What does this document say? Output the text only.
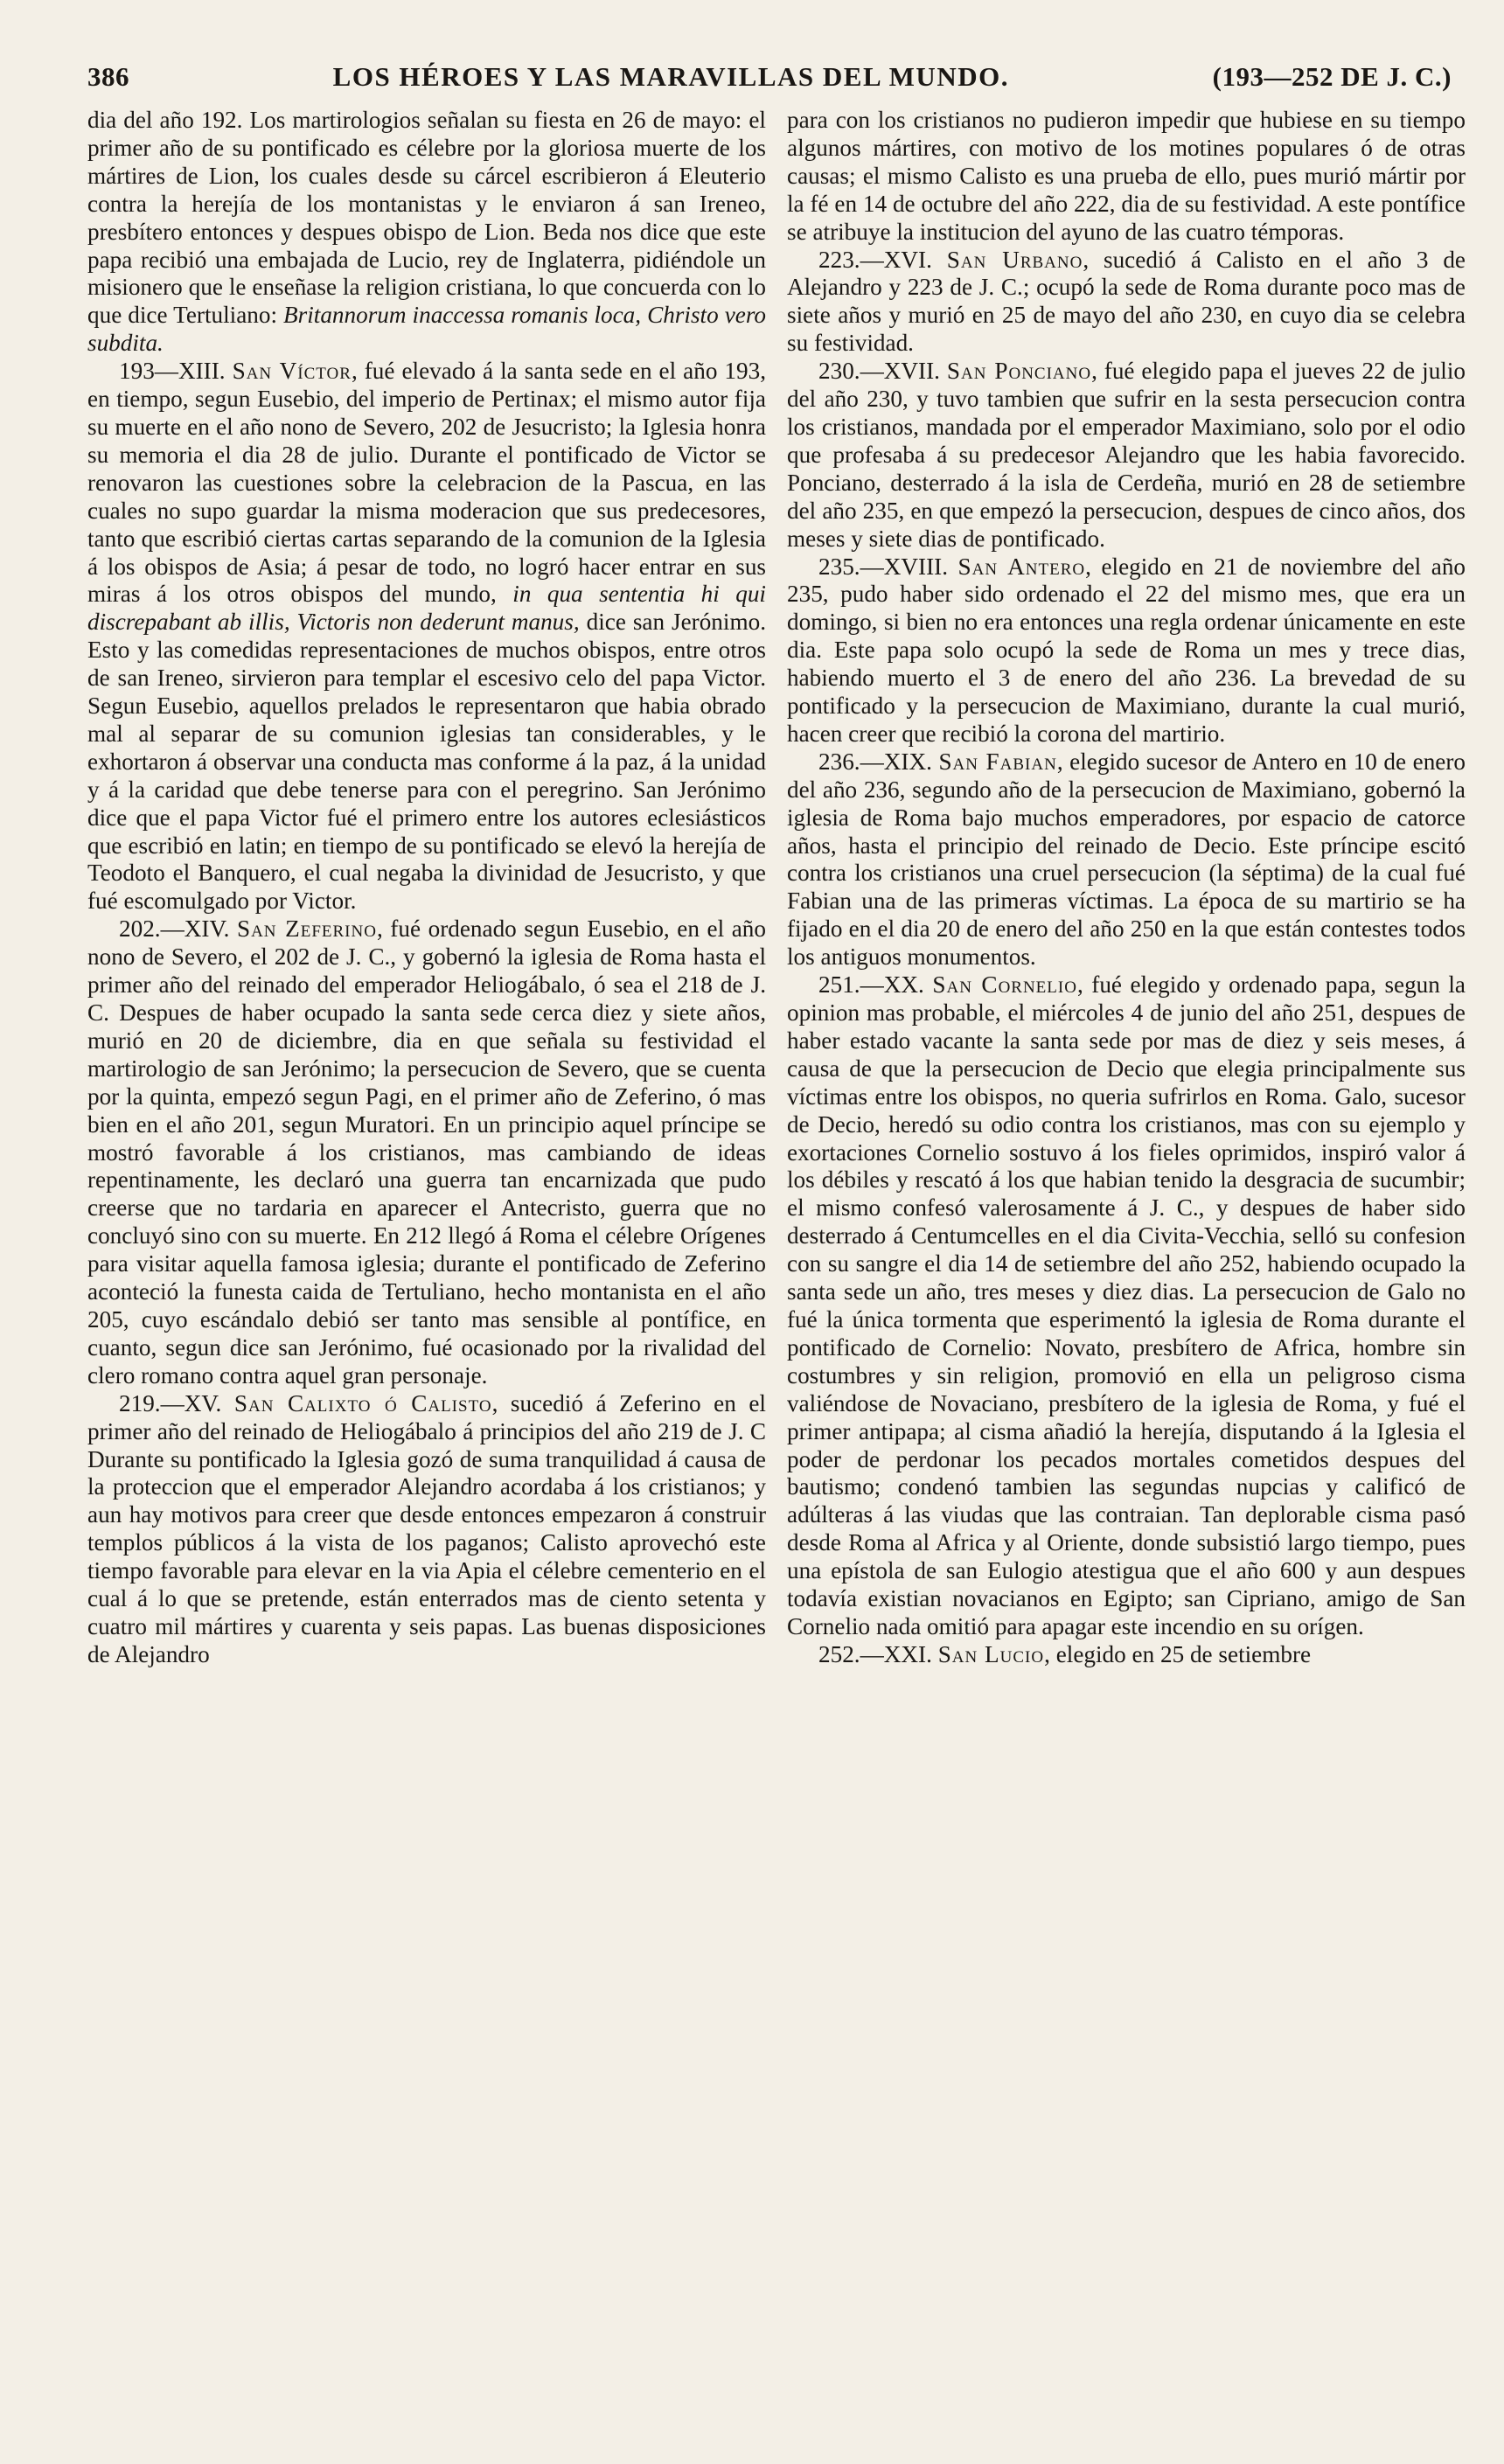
386	LOS HÉROES Y LAS MARAVILLAS DEL MUNDO.	(193—252 DE J. C.)

dia del año 192. Los martirologios señalan su fiesta en 26 de mayo: el primer año de su pontificado es célebre por la gloriosa muerte de los mártires de Lion, los cuales desde su cárcel escribieron á Eleuterio contra la herejía de los montanistas y le enviaron á san Ireneo, presbítero entonces y despues obispo de Lion. Beda nos dice que este papa recibió una embajada de Lucio, rey de Inglaterra, pidiéndole un misionero que le enseñase la religion cristiana, lo que concuerda con lo que dice Tertuliano: Britannorum inaccessa romanis loca, Christo vero subdita.

193—XIII. San Víctor, fué elevado á la santa sede en el año 193, en tiempo, segun Eusebio, del imperio de Pertinax; el mismo autor fija su muerte en el año nono de Severo, 202 de Jesucristo; la Iglesia honra su memoria el dia 28 de julio. Durante el pontificado de Victor se renovaron las cuestiones sobre la celebracion de la Pascua, en las cuales no supo guardar la misma moderacion que sus predecesores, tanto que escribió ciertas cartas separando de la comunion de la Iglesia á los obispos de Asia; á pesar de todo, no logró hacer entrar en sus miras á los otros obispos del mundo, in qua sententia hi qui discrepabant ab illis, Victoris non dederunt manus, dice san Jerónimo. Esto y las comedidas representaciones de muchos obispos, entre otros de san Ireneo, sirvieron para templar el escesivo celo del papa Victor. Segun Eusebio, aquellos prelados le representaron que habia obrado mal al separar de su comunion iglesias tan considerables, y le exhortaron á observar una conducta mas conforme á la paz, á la unidad y á la caridad que debe tenerse para con el peregrino. San Jerónimo dice que el papa Victor fué el primero entre los autores eclesiásticos que escribió en latin; en tiempo de su pontificado se elevó la herejía de Teodoto el Banquero, el cual negaba la divinidad de Jesucristo, y que fué escomulgado por Victor.

202.—XIV. San Zeferino, fué ordenado segun Eusebio, en el año nono de Severo, el 202 de J. C., y gobernó la iglesia de Roma hasta el primer año del reinado del emperador Heliogábalo, ó sea el 218 de J. C. Despues de haber ocupado la santa sede cerca diez y siete años, murió en 20 de diciembre, dia en que señala su festividad el martirologio de san Jerónimo; la persecucion de Severo, que se cuenta por la quinta, empezó segun Pagi, en el primer año de Zeferino, ó mas bien en el año 201, segun Muratori. En un principio aquel príncipe se mostró favorable á los cristianos, mas cambiando de ideas repentinamente, les declaró una guerra tan encarnizada que pudo creerse que no tardaria en aparecer el Antecristo, guerra que no concluyó sino con su muerte. En 212 llegó á Roma el célebre Orígenes para visitar aquella famosa iglesia; durante el pontificado de Zeferino aconteció la funesta caida de Tertuliano, hecho montanista en el año 205, cuyo escándalo debió ser tanto mas sensible al pontífice, en cuanto, segun dice san Jerónimo, fué ocasionado por la rivalidad del clero romano contra aquel gran personaje.

219.—XV. San Calixto ó Calisto, sucedió á Zeferino en el primer año del reinado de Heliogábalo á principios del año 219 de J. C Durante su pontificado la Iglesia gozó de suma tranquilidad á causa de la proteccion que el emperador Alejandro acordaba á los cristianos; y aun hay motivos para creer que desde entonces empezaron á construir templos públicos á la vista de los paganos; Calisto aprovechó este tiempo favorable para elevar en la via Apia el célebre cementerio en el cual á lo que se pretende, están enterrados mas de ciento setenta y cuatro mil mártires y cuarenta y seis papas. Las buenas disposiciones de Alejandro

para con los cristianos no pudieron impedir que hubiese en su tiempo algunos mártires, con motivo de los motines populares ó de otras causas; el mismo Calisto es una prueba de ello, pues murió mártir por la fé en 14 de octubre del año 222, dia de su festividad. A este pontífice se atribuye la institucion del ayuno de las cuatro témporas.

223.—XVI. San Urbano, sucedió á Calisto en el año 3 de Alejandro y 223 de J. C.; ocupó la sede de Roma durante poco mas de siete años y murió en 25 de mayo del año 230, en cuyo dia se celebra su festividad.

230.—XVII. San Ponciano, fué elegido papa el jueves 22 de julio del año 230, y tuvo tambien que sufrir en la sesta persecucion contra los cristianos, mandada por el emperador Maximiano, solo por el odio que profesaba á su predecesor Alejandro que les habia favorecido. Ponciano, desterrado á la isla de Cerdeña, murió en 28 de setiembre del año 235, en que empezó la persecucion, despues de cinco años, dos meses y siete dias de pontificado.

235.—XVIII. San Antero, elegido en 21 de noviembre del año 235, pudo haber sido ordenado el 22 del mismo mes, que era un domingo, si bien no era entonces una regla ordenar únicamente en este dia. Este papa solo ocupó la sede de Roma un mes y trece dias, habiendo muerto el 3 de enero del año 236. La brevedad de su pontificado y la persecucion de Maximiano, durante la cual murió, hacen creer que recibió la corona del martirio.

236.—XIX. San Fabian, elegido sucesor de Antero en 10 de enero del año 236, segundo año de la persecucion de Maximiano, gobernó la iglesia de Roma bajo muchos emperadores, por espacio de catorce años, hasta el principio del reinado de Decio. Este príncipe escitó contra los cristianos una cruel persecucion (la séptima) de la cual fué Fabian una de las primeras víctimas. La época de su martirio se ha fijado en el dia 20 de enero del año 250 en la que están contestes todos los antiguos monumentos.

251.—XX. San Cornelio, fué elegido y ordenado papa, segun la opinion mas probable, el miércoles 4 de junio del año 251, despues de haber estado vacante la santa sede por mas de diez y seis meses, á causa de que la persecucion de Decio que elegia principalmente sus víctimas entre los obispos, no queria sufrirlos en Roma. Galo, sucesor de Decio, heredó su odio contra los cristianos, mas con su ejemplo y exortaciones Cornelio sostuvo á los fieles oprimidos, inspiró valor á los débiles y rescató á los que habian tenido la desgracia de sucumbir; el mismo confesó valerosamente á J. C., y despues de haber sido desterrado á Centumcelles en el dia Civita-Vecchia, selló su confesion con su sangre el dia 14 de setiembre del año 252, habiendo ocupado la santa sede un año, tres meses y diez dias. La persecucion de Galo no fué la única tormenta que esperimentó la iglesia de Roma durante el pontificado de Cornelio: Novato, presbítero de Africa, hombre sin costumbres y sin religion, promovió en ella un peligroso cisma valiéndose de Novaciano, presbítero de la iglesia de Roma, y fué el primer antipapa; al cisma añadió la herejía, disputando á la Iglesia el poder de perdonar los pecados mortales cometidos despues del bautismo; condenó tambien las segundas nupcias y calificó de adúlteras á las viudas que las contraian. Tan deplorable cisma pasó desde Roma al Africa y al Oriente, donde subsistió largo tiempo, pues una epístola de san Eulogio atestigua que el año 600 y aun despues todavía existian novacianos en Egipto; san Cipriano, amigo de San Cornelio nada omitió para apagar este incendio en su orígen.

252.—XXI. San Lucio, elegido en 25 de setiembre
